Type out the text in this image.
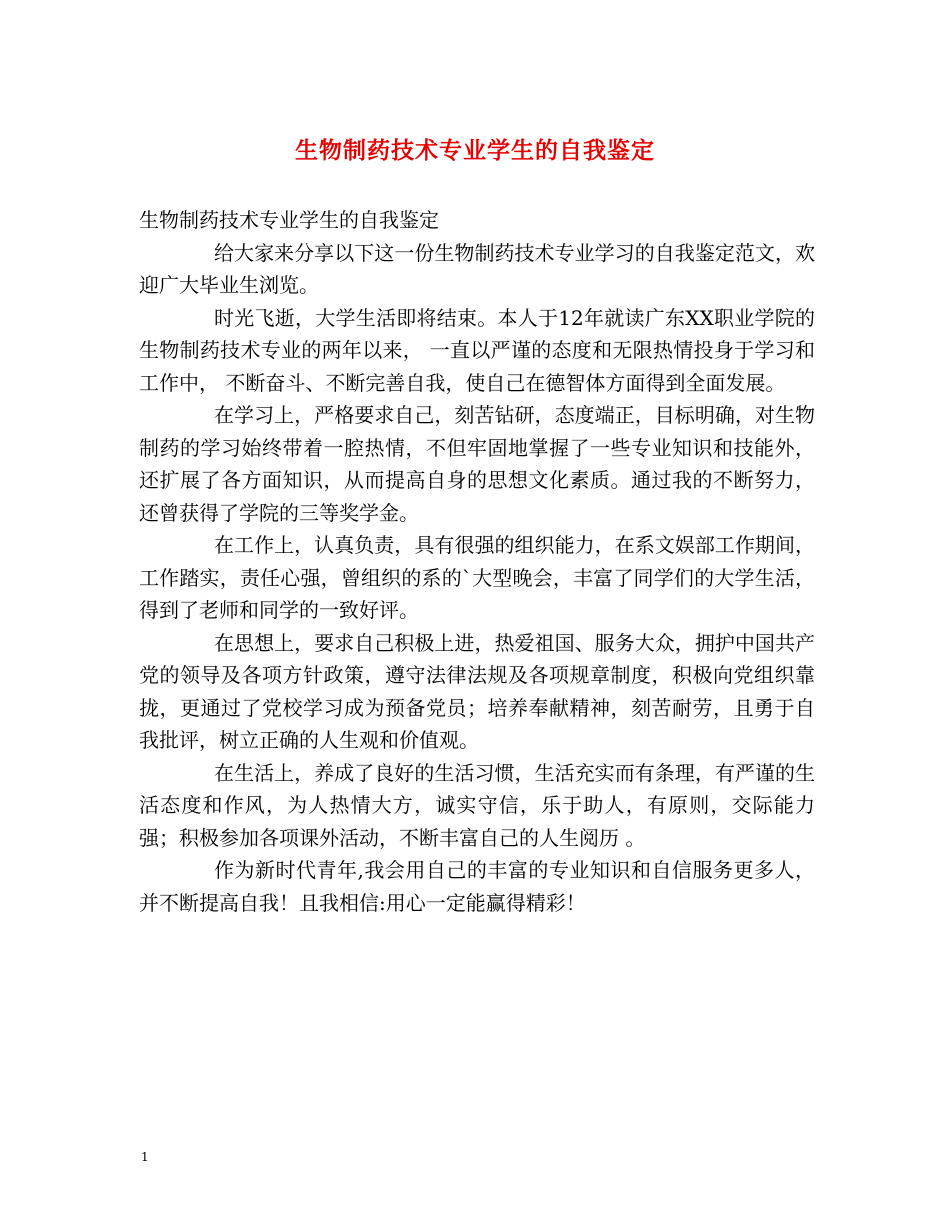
生物制药技术专业学生的自我鉴定

生物制药技术专业学生的自我鉴定

给大家来分享以下这一份生物制药技术专业学习的自我鉴定范文，欢迎广大毕业生浏览。

时光飞逝，大学生活即将结束。本人于12年就读广东XX职业学院的生物制药技术专业的两年以来， 一直以严谨的态度和无限热情投身于学习和工作中， 不断奋斗、不断完善自我，使自己在德智体方面得到全面发展。

在学习上，严格要求自己，刻苦钻研，态度端正，目标明确，对生物制药的学习始终带着一腔热情，不但牢固地掌握了一些专业知识和技能外，还扩展了各方面知识，从而提高自身的思想文化素质。通过我的不断努力，还曾获得了学院的三等奖学金。

在工作上，认真负责，具有很强的组织能力，在系文娱部工作期间，工作踏实，责任心强，曾组织的系的`大型晚会，丰富了同学们的大学生活，得到了老师和同学的一致好评。

在思想上，要求自己积极上进，热爱祖国、服务大众，拥护中国共产党的领导及各项方针政策，遵守法律法规及各项规章制度，积极向党组织靠拢，更通过了党校学习成为预备党员；培养奉献精神，刻苦耐劳，且勇于自我批评，树立正确的人生观和价值观。

在生活上，养成了良好的生活习惯，生活充实而有条理，有严谨的生活态度和作风，为人热情大方，诚实守信，乐于助人，有原则，交际能力强；积极参加各项课外活动，不断丰富自己的人生阅历 。

作为新时代青年,我会用自己的丰富的专业知识和自信服务更多人，并不断提高自我！且我相信:用心一定能赢得精彩！

1
